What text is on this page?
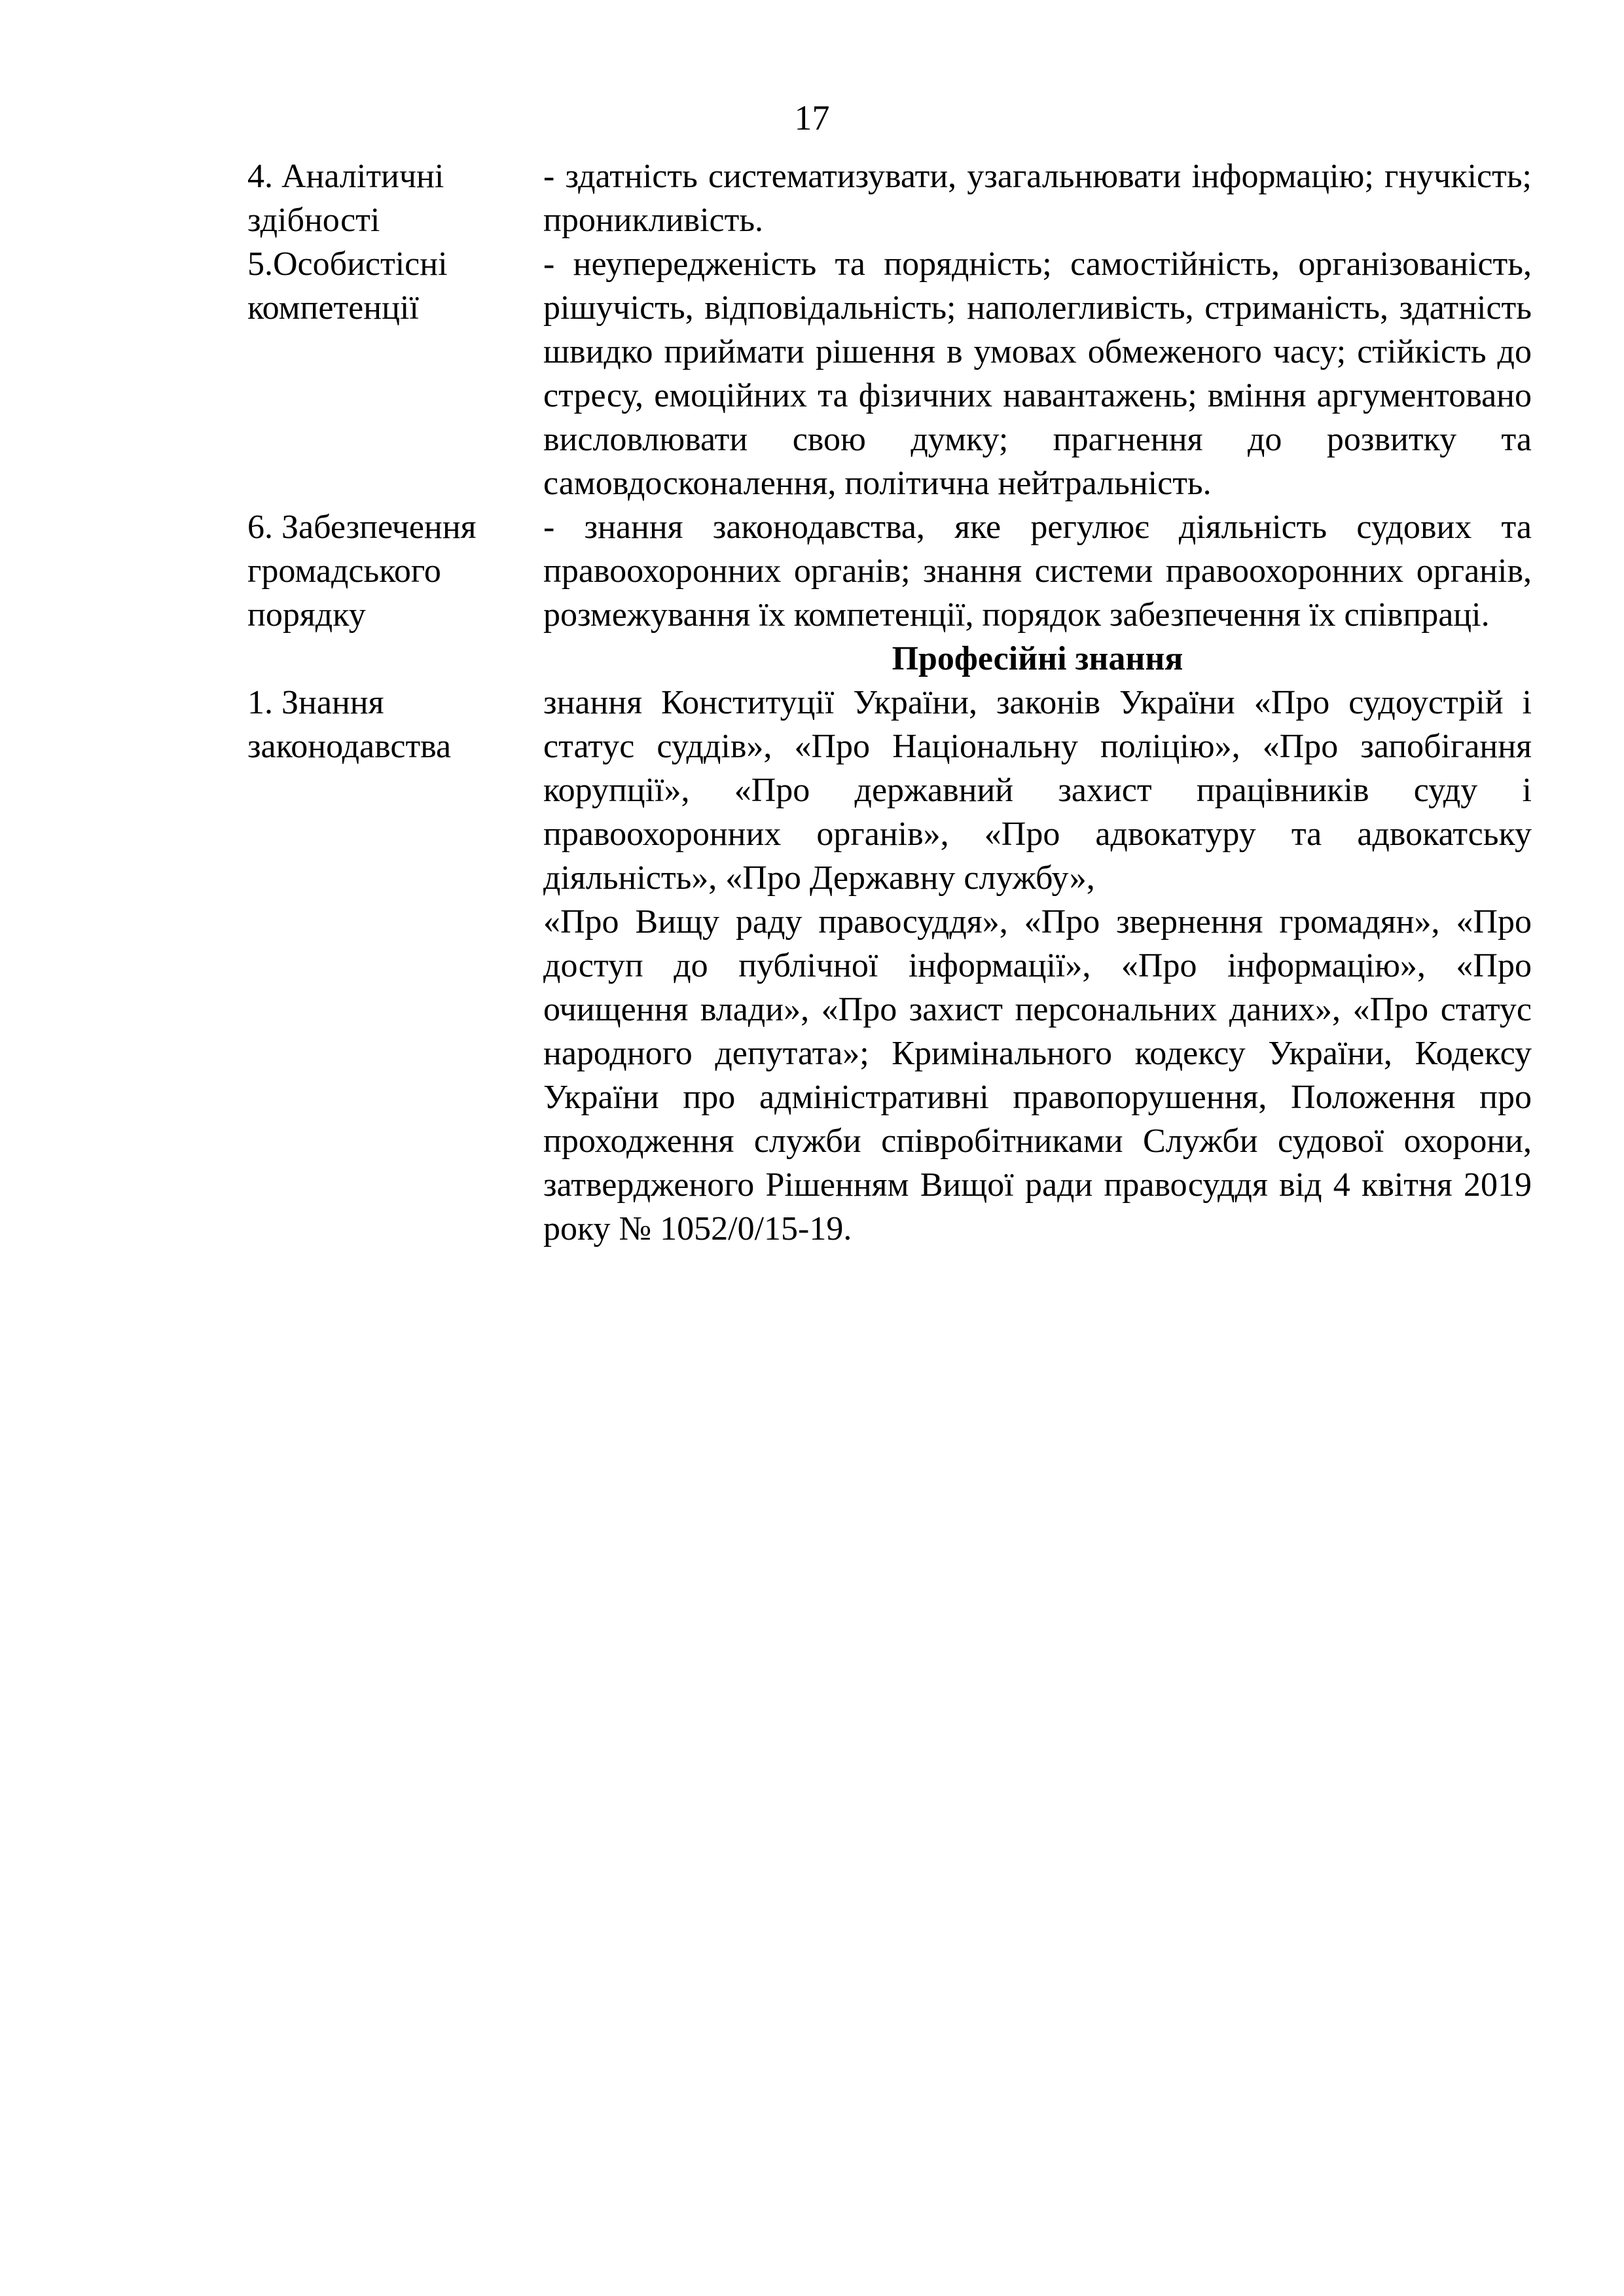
17
4. Аналітичні
здібності

- здатність систематизувати, узагальнювати інформацію; гнучкість; проникливість.

5.Особистісні
компетенції

- неупередженість та порядність; самостійність, організованість, рішучість, відповідальність; наполегливість, стриманість, здатність швидко приймати рішення в умовах обмеженого часу; стійкість до стресу, емоційних та фізичних навантажень; вміння аргументовано висловлювати свою думку; прагнення до розвитку та самовдосконалення, політична нейтральність.

6. Забезпечення
громадського
порядку

- знання законодавства, яке регулює діяльність судових та правоохоронних органів; знання системи правоохоронних органів, розмежування їх компетенції, порядок забезпечення їх співпраці.

Професійні знання
1. Знання
законодавства

знання Конституції України, законів України «Про судоустрій і статус суддів», «Про Національну поліцію», «Про запобігання корупції», «Про державний захист працівників суду і правоохоронних органів», «Про адвокатуру та адвокатську діяльність», «Про Державну службу»,

«Про Вищу раду правосуддя», «Про звернення громадян», «Про доступ до публічної інформації», «Про інформацію», «Про очищення влади», «Про захист персональних даних», «Про статус народного депутата»; Кримінального кодексу України, Кодексу України про адміністративні правопорушення, Положення про проходження служби співробітниками Служби судової охорони, затвердженого Рішенням Вищої ради правосуддя від 4 квітня 2019 року № 1052/0/15-19.
